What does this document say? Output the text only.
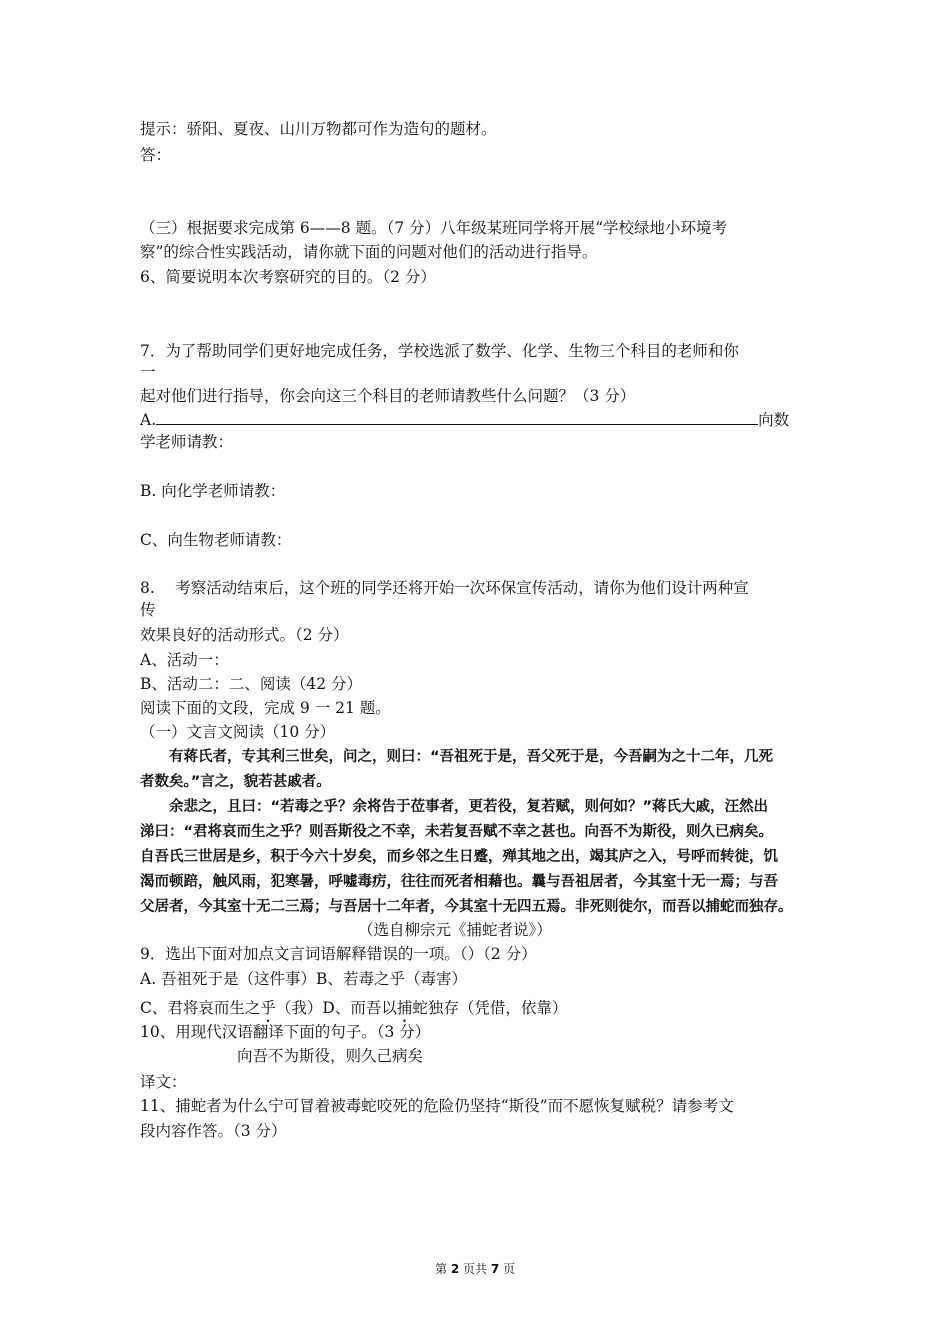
提示：骄阳、夏夜、山川万物都可作为造句的题材。

答：

（三）根据要求完成第 6——8 题。（7 分）八年级某班同学将开展“学校绿地小环境考

察”的综合性实践活动，请你就下面的问题对他们的活动进行指导。

6、简要说明本次考察研究的目的。（2 分）

7．为了帮助同学们更好地完成任务，学校选派了数学、化学、生物三个科目的老师和你

一

起对他们进行指导，你会向这三个科目的老师请教些什么问题？（3 分）

A.	向数

学老师请教：

B. 向化学老师请教：

C、向生物老师请教：

8.　 考察活动结束后，这个班的同学还将开始一次环保宣传活动，请你为他们设计两种宣

传

效果良好的活动形式。（2 分）

A、活动一：

B、活动二：二、阅读（42 分）

阅读下面的文段，完成 9 一 21 题。

（一）文言文阅读（10 分）

　　有蒋氏者，专其利三世矣，问之，则曰：“吾祖死于是，吾父死于是，今吾嗣为之十二年，几死

者数矣。”言之，貌若甚戚者。

　　余悲之，且曰：“若毒之乎？余将告于莅事者，更若役，复若赋，则何如？”蒋氏大戚，汪然出

涕曰：“君将哀而生之乎？则吾斯役之不幸，未若复吾赋不幸之甚也。向吾不为斯役，则久已病矣。

自吾氏三世居是乡，积于今六十岁矣，而乡邻之生日蹙，殚其地之出，竭其庐之入，号呼而转徙，饥

渴而顿踣，触风雨，犯寒暑，呼嘘毒疠，往往而死者相藉也。曩与吾祖居者，今其室十无一焉；与吾

父居者，今其室十无二三焉；与吾居十二年者，今其室十无四五焉。非死则徙尔，而吾以捕蛇而独存。

（选自柳宗元《捕蛇者说》）

9．选出下面对加点文言词语解释错误的一项。（）（2 分）

A. 吾祖死于是（这件事）B、若毒之乎（毒害）

C、君将哀而生之乎（我）D、而吾以捕蛇独存（凭借，依靠）

10、用现代汉语翻译下面的句子。（3 分）

向吾不为斯役，则久己病矣

译文：

11、捕蛇者为什么宁可冒着被毒蛇咬死的危险仍坚持“斯役”而不愿恢复赋税？请参考文

段内容作答。（3 分）

第 2 页共 7 页
